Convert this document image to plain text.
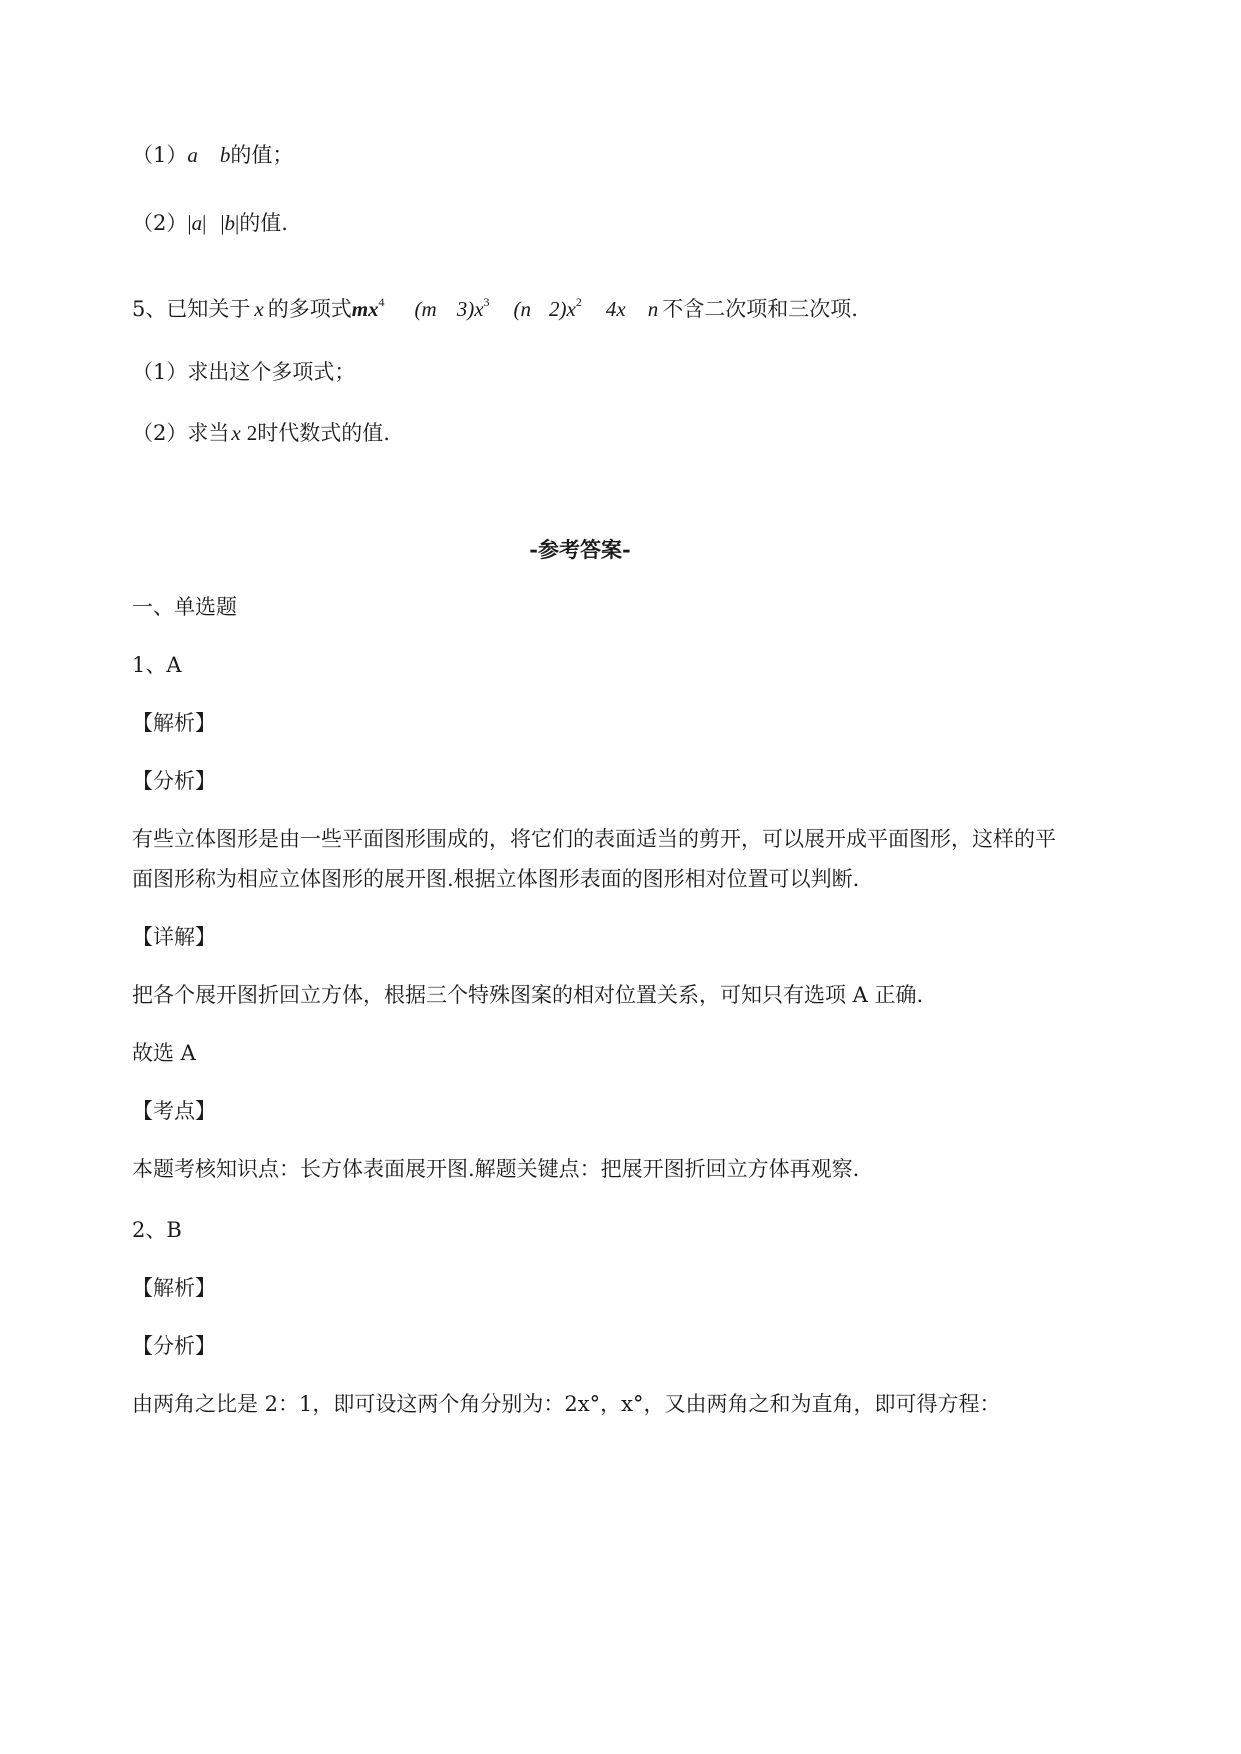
（1）a b的值；
（2）|a| |b|的值.
5、已知关于 x 的多项式$mx^4$ (m $3)x^3$ (n $2)x^2$ 4x n 不含二次项和三次项.
（1）求出这个多项式；
（2）求当x 2时代数式的值.
-参考答案-
一、单选题
1、A
【解析】
【分析】
有些立体图形是由一些平面图形围成的，将它们的表面适当的剪开，可以展开成平面图形，这样的平
面图形称为相应立体图形的展开图.根据立体图形表面的图形相对位置可以判断.
【详解】
把各个展开图折回立方体，根据三个特殊图案的相对位置关系，可知只有选项 A 正确.
故选 A
【考点】
本题考核知识点：长方体表面展开图.解题关键点：把展开图折回立方体再观察.
2、B
【解析】
【分析】
由两角之比是 2：1，即可设这两个角分别为：2x°，x°，又由两角之和为直角，即可得方程：
